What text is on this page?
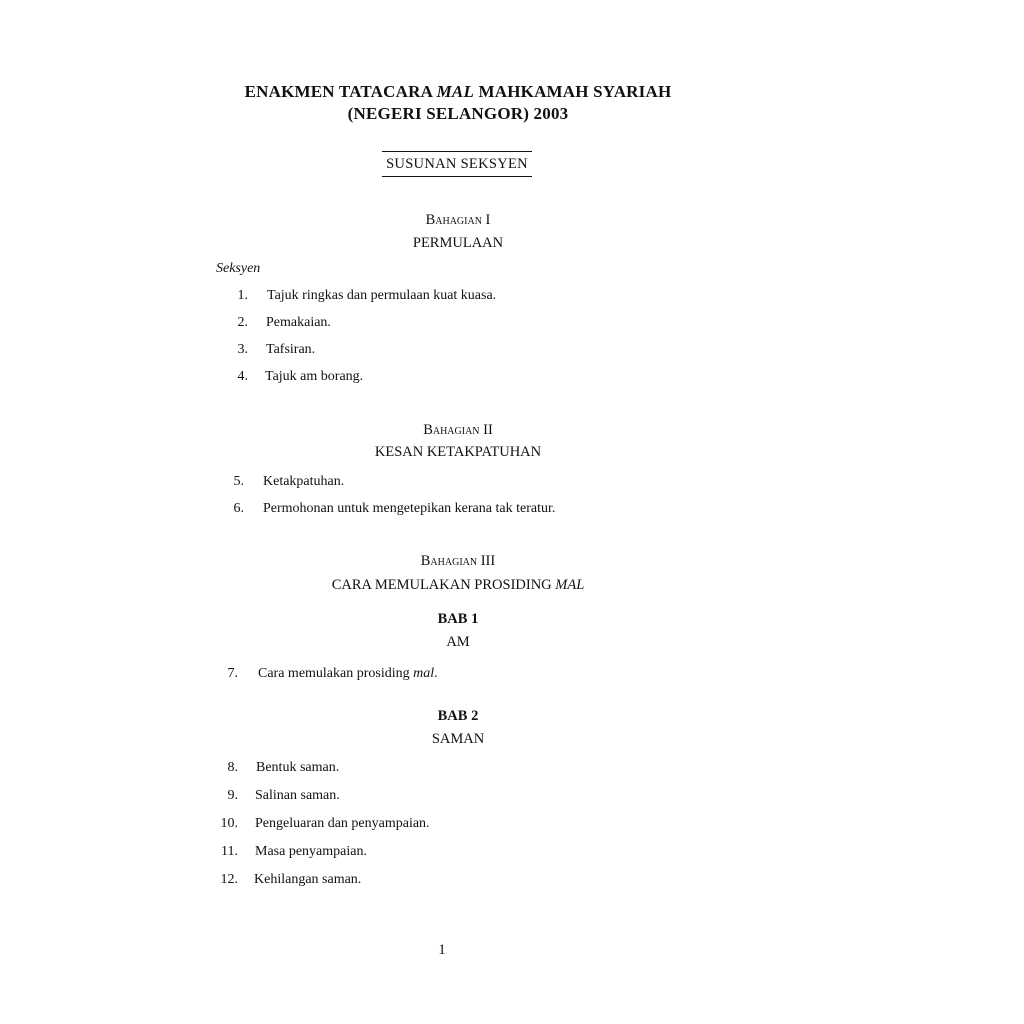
ENAKMEN TATACARA MAL MAHKAMAH SYARIAH
(NEGERI SELANGOR) 2003
SUSUNAN SEKSYEN
Bahagian I
PERMULAAN
Seksyen
1. Tajuk ringkas dan permulaan kuat kuasa.
2. Pemakaian.
3. Tafsiran.
4. Tajuk am borang.
Bahagian II
KESAN KETAKPATUHAN
5. Ketakpatuhan.
6. Permohonan untuk mengetepikan kerana tak teratur.
Bahagian III
CARA MEMULAKAN PROSIDING MAL
BAB 1
AM
7. Cara memulakan prosiding mal.
BAB 2
SAMAN
8. Bentuk saman.
9. Salinan saman.
10. Pengeluaran dan penyampaian.
11. Masa penyampaian.
12. Kehilangan saman.
1
